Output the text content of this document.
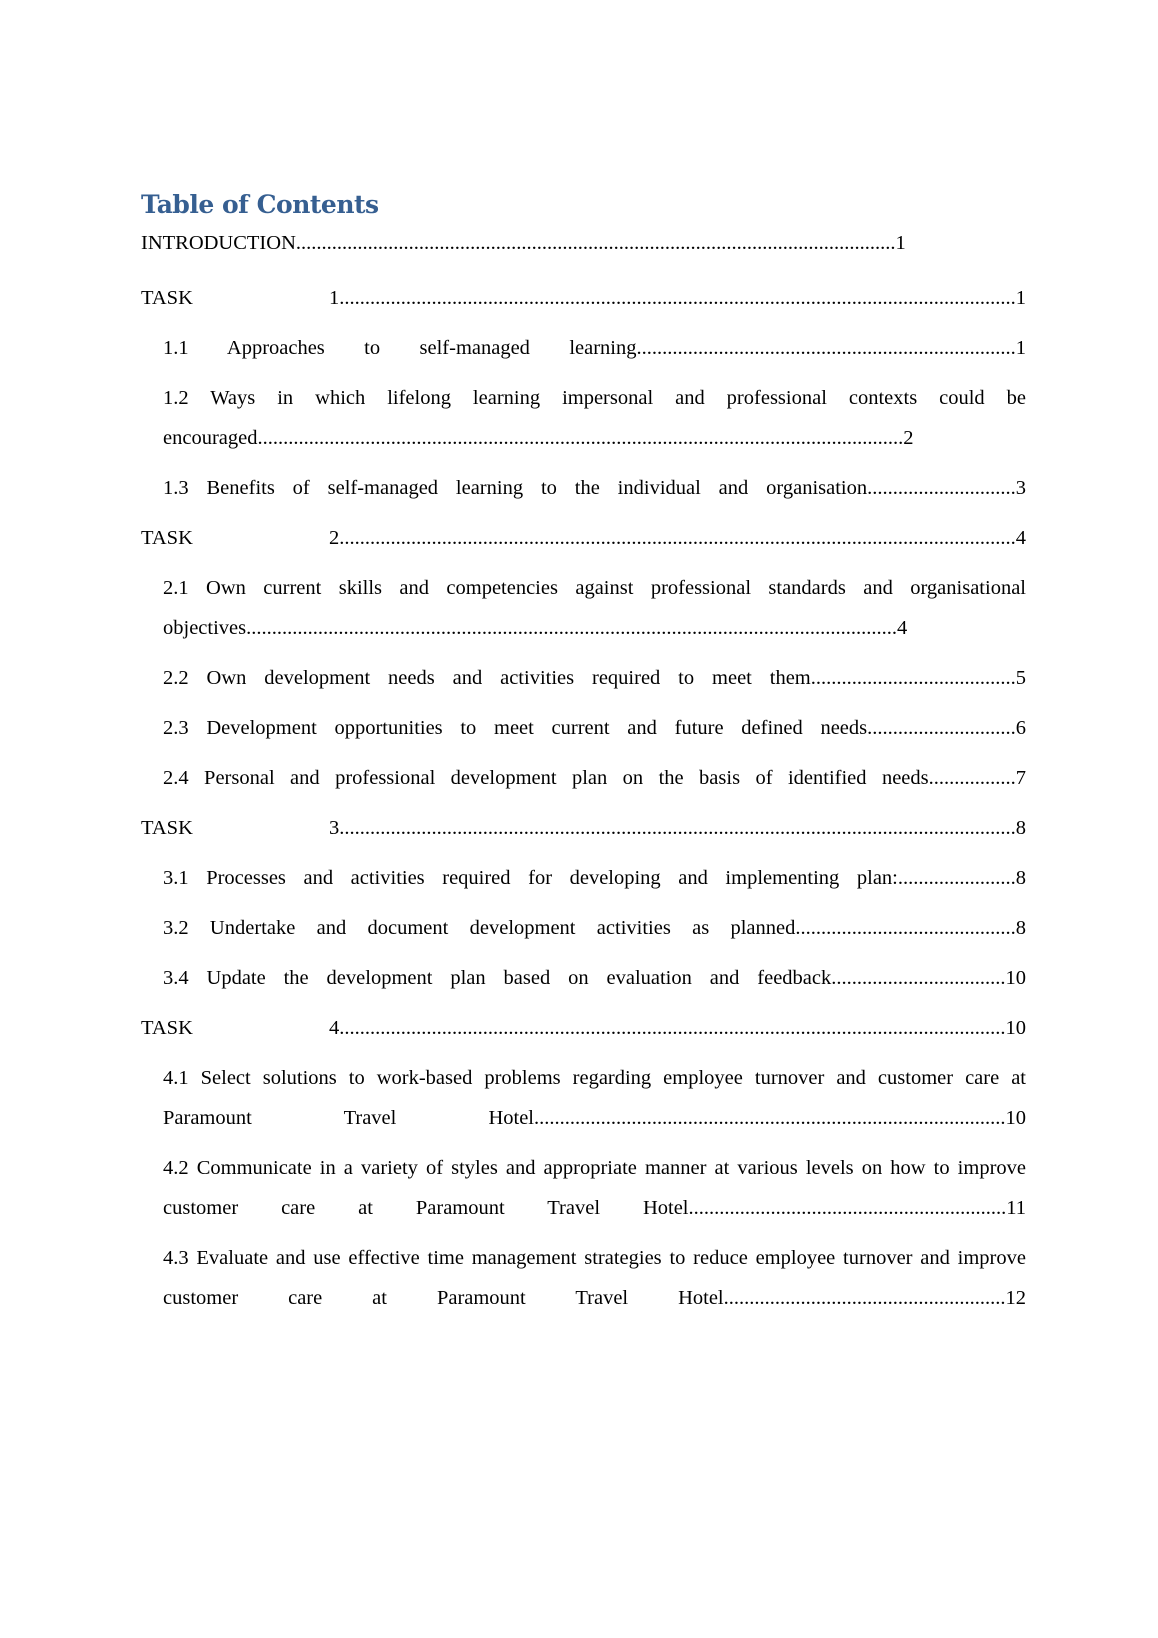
Table of Contents
INTRODUCTION.....................................................................................................................1
TASK 1....................................................................................................................................1
1.1 Approaches to self-managed learning..........................................................................1
1.2 Ways in which lifelong learning impersonal and professional contexts could be encouraged..............................................................................................................................2
1.3 Benefits of self-managed learning to the individual and organisation.............................3
TASK 2....................................................................................................................................4
2.1 Own current skills and competencies against professional standards and organisational objectives...............................................................................................................................4
2.2 Own development needs and activities required to meet them........................................5
2.3 Development opportunities to meet current and future defined needs.............................6
2.4 Personal and professional development plan on the basis of identified needs.................7
TASK 3....................................................................................................................................8
3.1 Processes and activities required for developing and implementing plan:.......................8
3.2 Undertake and document development activities as planned...........................................8
3.4 Update the development plan based on evaluation and feedback..................................10
TASK 4..................................................................................................................................10
4.1 Select solutions to work-based problems regarding employee turnover and customer care at Paramount Travel Hotel............................................................................................10
4.2 Communicate in a variety of styles and appropriate manner at various levels on how to improve customer care at Paramount Travel Hotel..............................................................11
4.3 Evaluate and use effective time management strategies to reduce employee turnover and improve customer care at Paramount Travel Hotel.......................................................12
